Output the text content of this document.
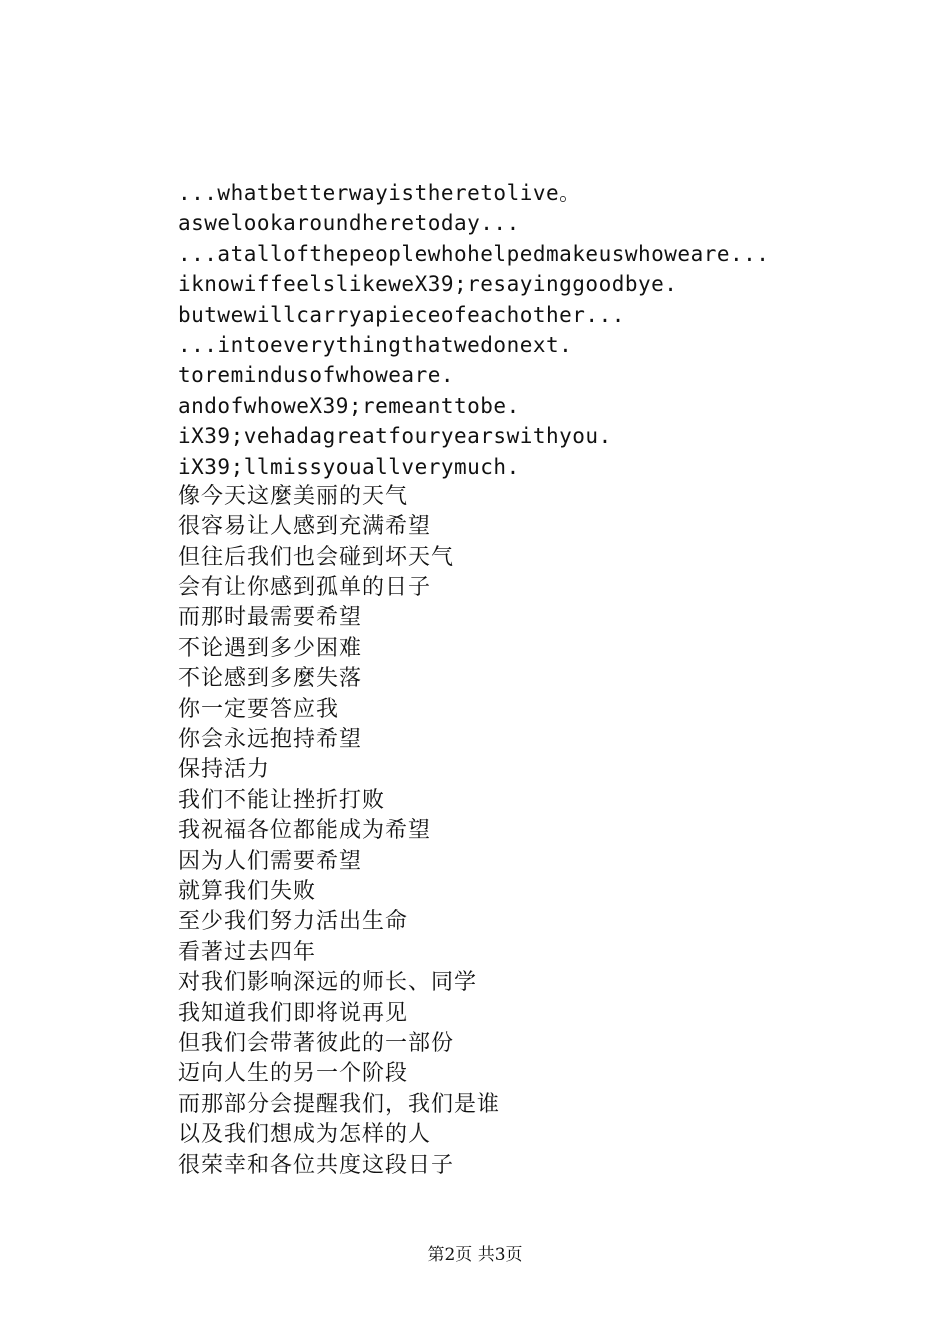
...whatbetterwayistheretolive。
aswelookaroundheretoday...
...atallofthepeoplewhohelpedmakeuswhoweare...
iknowiffeelslikeweX39;resayinggoodbye.
butwewillcarryapieceofeachother...
...intoeverythingthatwedonext.
toremindusofwhoweare.
andofwhoweX39;remeanttobe.
iX39;vehadagreatfouryearswithyou.
iX39;llmissyouallverymuch.
像今天这麼美丽的天气
很容易让人感到充满希望
但往后我们也会碰到坏天气
会有让你感到孤单的日子
而那时最需要希望
不论遇到多少困难
不论感到多麼失落
你一定要答应我
你会永远抱持希望
保持活力
我们不能让挫折打败
我祝福各位都能成为希望
因为人们需要希望
就算我们失败
至少我们努力活出生命
看著过去四年
对我们影响深远的师长、同学
我知道我们即将说再见
但我们会带著彼此的一部份
迈向人生的另一个阶段
而那部分会提醒我们，我们是谁
以及我们想成为怎样的人
很荣幸和各位共度这段日子
第2页 共3页
